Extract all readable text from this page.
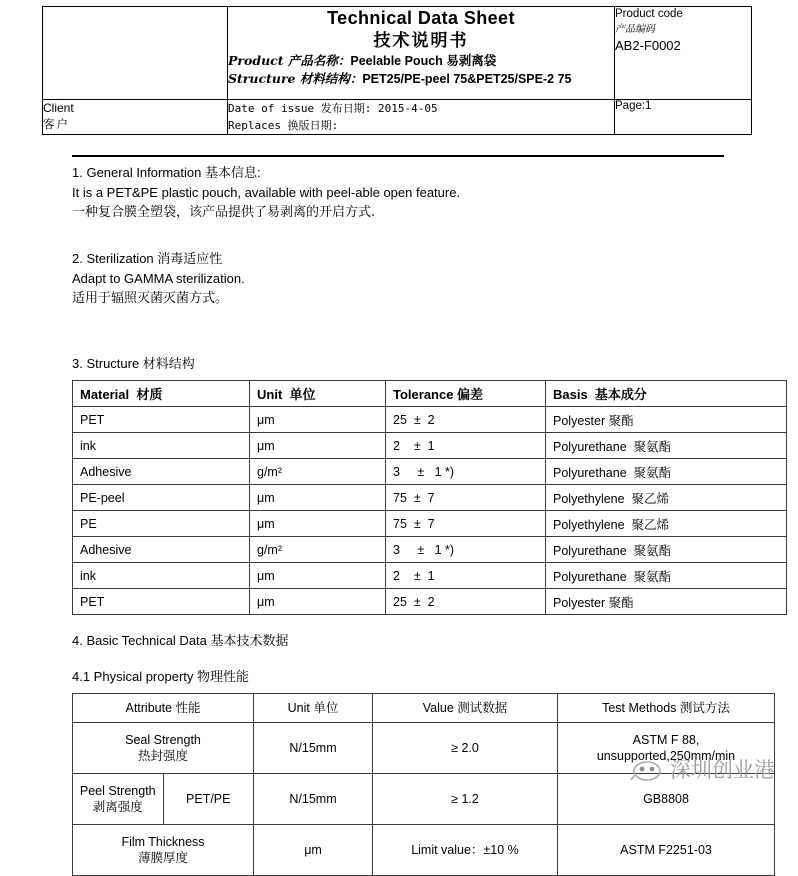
Technical Data Sheet
技术说明书
Product 产品名称：Peelable Pouch 易剥离袋
Structure 材料结构：PET25/PE-peel 75&PET25/SPE-2 75

Product code
产品编码
AB2-F0002

Client
客户

Date of issue 发布日期: 2015-4-05
Replaces 换版日期:

Page:1
1. General Information 基本信息:
It is a PET&PE plastic pouch, available with peel-able open feature.
一种复合膜全塑袋，该产品提供了易剥离的开启方式.
2. Sterilization 消毒适应性
Adapt to GAMMA sterilization.
适用于辐照灭菌灭菌方式。
3. Structure 材料结构
Material  材质	Unit  单位	Tolerance 偏差	Basis  基本成分
PET	μm	25  ±  2	Polyester 聚酯
ink	μm	2    ±  1	Polyurethane  聚氨酯
Adhesive	g/m²	3     ±   1 *)	Polyurethane  聚氨酯
PE-peel	μm	75  ±  7	Polyethylene  聚乙烯
PE	μm	75  ±  7	Polyethylene  聚乙烯
Adhesive	g/m²	3     ±   1 *)	Polyurethane  聚氨酯
ink	μm	2    ±  1	Polyurethane  聚氨酯
PET	μm	25  ±  2	Polyester 聚酯
4. Basic Technical Data 基本技术数据
4.1 Physical property 物理性能
Attribute 性能		Unit 单位	Value 测试数据	Test Methods 测试方法

Seal Strength
热封强度		N/15mm	≥ 2.0	ASTM F 88,
unsupported,250mm/min

Peel Strength
剥离强度	PET/PE	N/15mm	≥ 1.2	GB8808

Film Thickness
薄膜厚度		μm	Limit value：±10 %	ASTM F2251-03
深圳创业港
